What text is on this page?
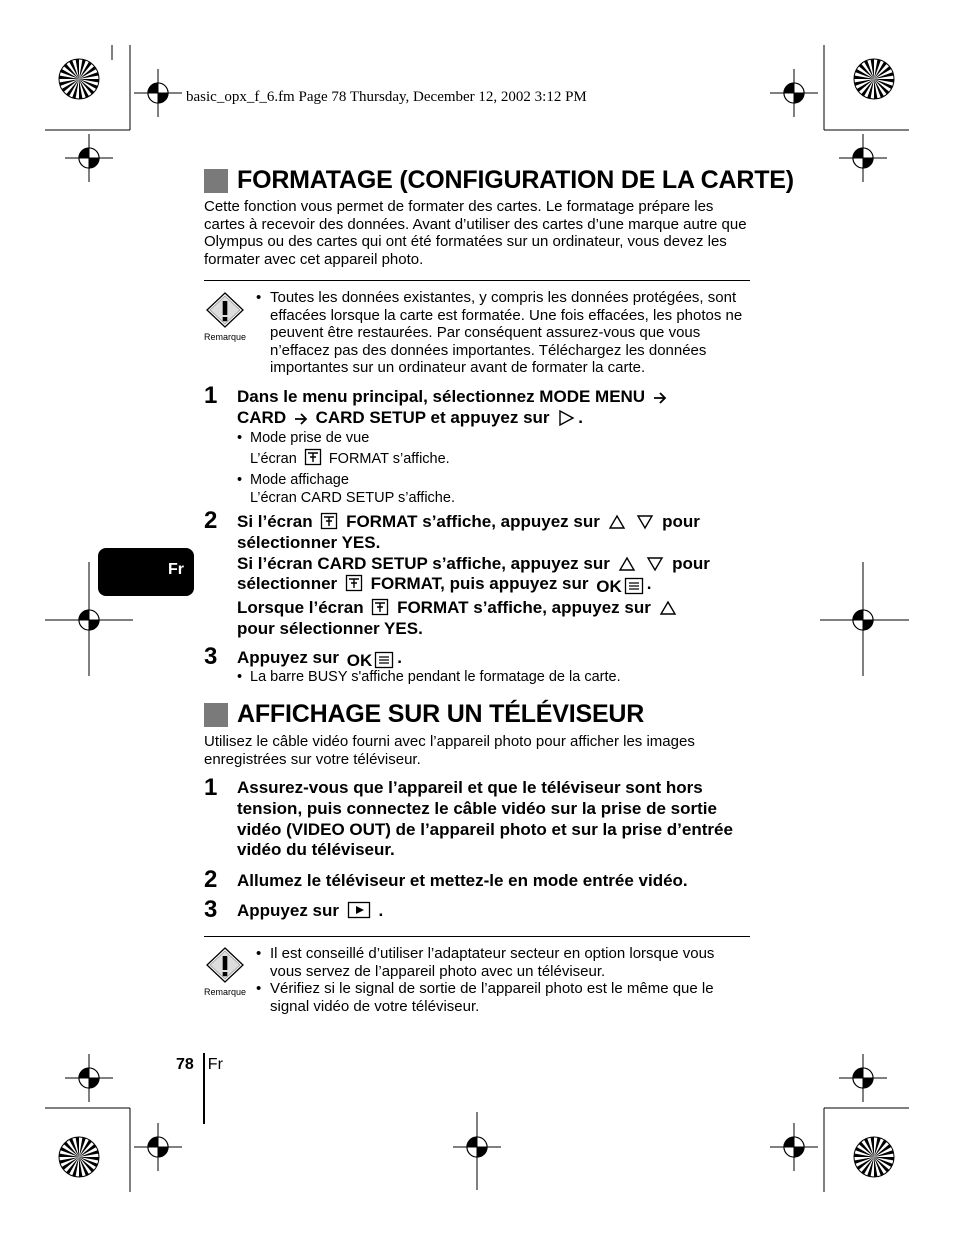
basic_opx_f_6.fm Page 78 Thursday, December 12, 2002 3:12 PM
FORMATAGE (CONFIGURATION DE LA CARTE)
Cette fonction vous permet de formater des cartes. Le formatage prépare les cartes à recevoir des données. Avant d’utiliser des cartes d’une marque autre que Olympus ou des cartes qui ont été formatées sur un ordinateur, vous devez les formater avec cet appareil photo.
Remarque
• Toutes les données existantes, y compris les données protégées, sont effacées lorsque la carte est formatée. Une fois effacées, les photos ne peuvent être restaurées. Par conséquent assurez-vous que vous n’effacez pas des données importantes. Téléchargez les données importantes sur un ordinateur avant de formater la carte.
1 Dans le menu principal, sélectionnez MODE MENU
CARD CARD SETUP et appuyez sur .
• Mode prise de vue
L’écran FORMAT s’affiche.
• Mode affichage
L’écran CARD SETUP s’affiche.
2 Si l’écran FORMAT s’affiche, appuyez sur	pour
sélectionner YES.
Si l’écran CARD SETUP s’affiche, appuyez sur	pour
sélectionner FORMAT, puis appuyez sur OK .
Lorsque l’écran FORMAT s’affiche, appuyez sur
pour sélectionner YES.
3 Appuyez sur OK .
• La barre BUSY s'affiche pendant le formatage de la carte.
AFFICHAGE SUR UN TÉLÉVISEUR
Utilisez le câble vidéo fourni avec l’appareil photo pour afficher les images enregistrées sur votre téléviseur.
1 Assurez-vous que l’appareil et que le téléviseur sont hors tension, puis connectez le câble vidéo sur la prise de sortie vidéo (VIDEO OUT) de l’appareil photo et sur la prise d’entrée vidéo du téléviseur.
2 Allumez le téléviseur et mettez-le en mode entrée vidéo.
3 Appuyez sur .
Remarque
• Il est conseillé d’utiliser l’adaptateur secteur en option lorsque vous vous servez de l’appareil photo avec un téléviseur.
• Vérifiez si le signal de sortie de l’appareil photo est le même que le signal vidéo de votre téléviseur.
Fr
78 Fr
